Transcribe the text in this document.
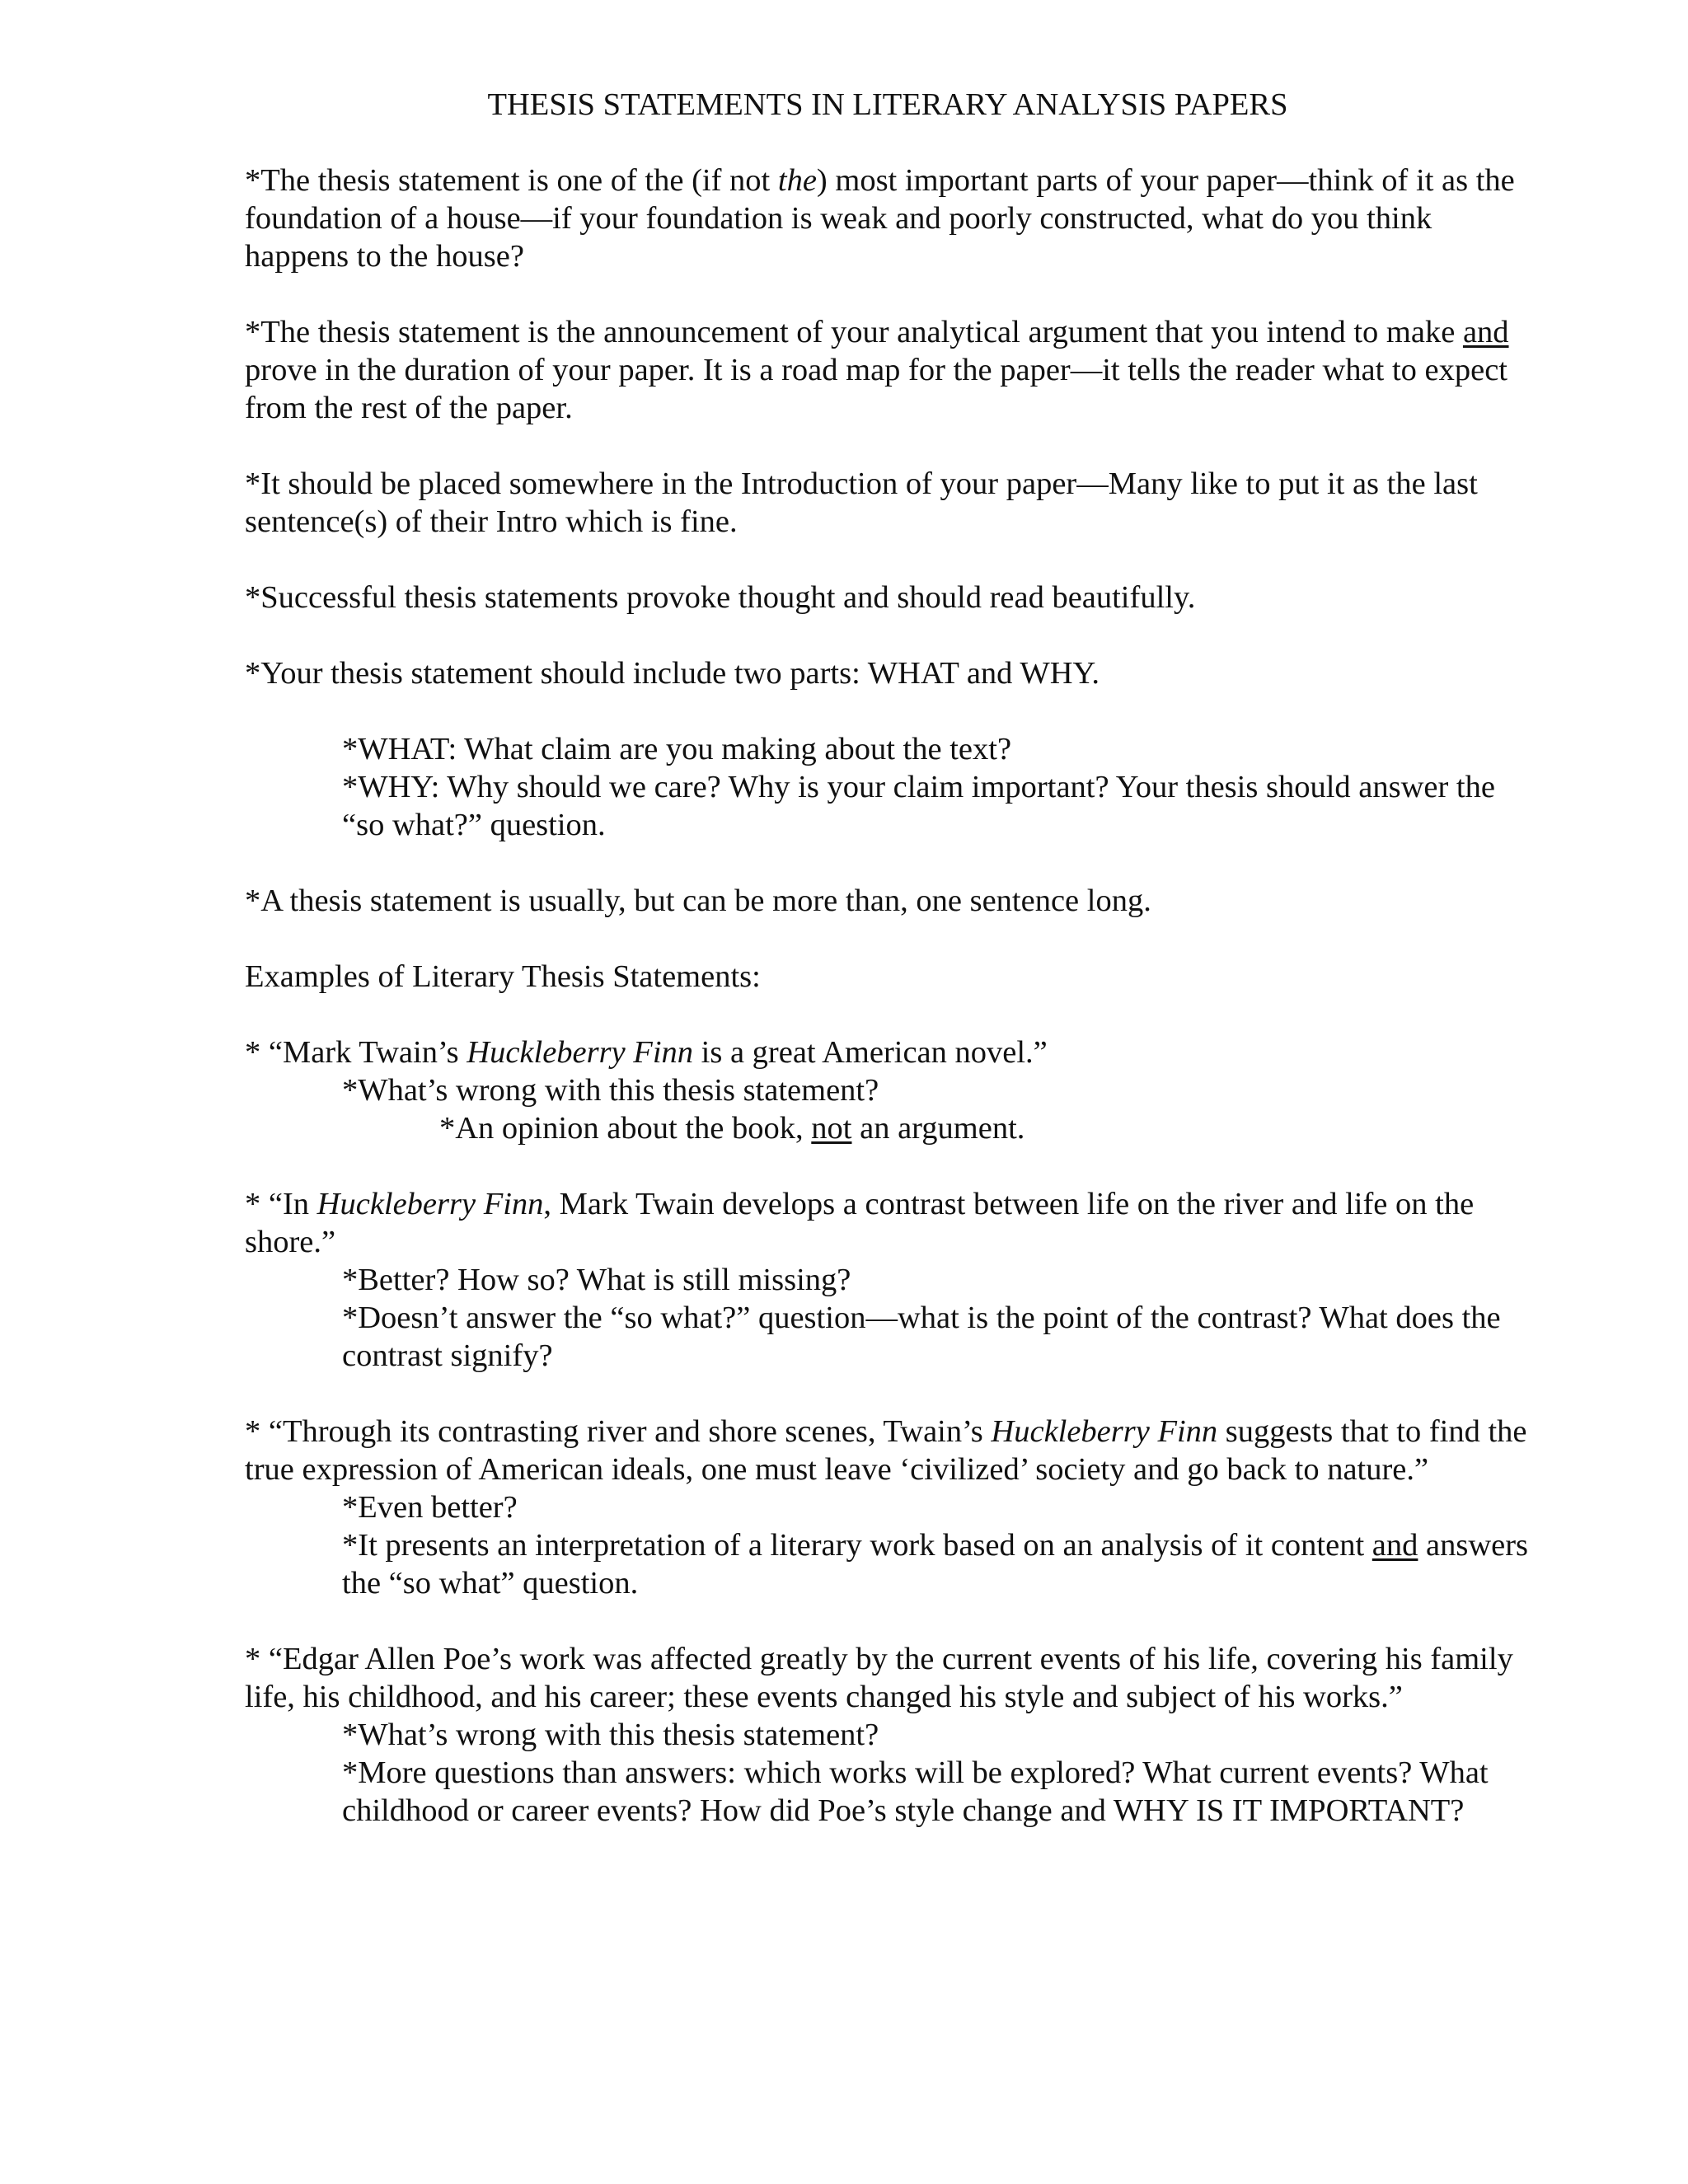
THESIS STATEMENTS IN LITERARY ANALYSIS PAPERS

*The thesis statement is one of the (if not the) most important parts of your paper—think of it as the foundation of a house—if your foundation is weak and poorly constructed, what do you think happens to the house?

*The thesis statement is the announcement of your analytical argument that you intend to make and prove in the duration of your paper. It is a road map for the paper—it tells the reader what to expect from the rest of the paper.

*It should be placed somewhere in the Introduction of your paper—Many like to put it as the last sentence(s) of their Intro which is fine.

*Successful thesis statements provoke thought and should read beautifully.

*Your thesis statement should include two parts: WHAT and WHY.

*WHAT: What claim are you making about the text?
*WHY: Why should we care? Why is your claim important? Your thesis should answer the “so what?” question.

*A thesis statement is usually, but can be more than, one sentence long.

Examples of Literary Thesis Statements:

* “Mark Twain’s Huckleberry Finn is a great American novel.”
*What’s wrong with this thesis statement?
*An opinion about the book, not an argument.
* “In Huckleberry Finn, Mark Twain develops a contrast between life on the river and life on the shore.”
*Better? How so? What is still missing?
*Doesn’t answer the “so what?” question—what is the point of the contrast? What does the contrast signify?
* “Through its contrasting river and shore scenes, Twain’s Huckleberry Finn suggests that to find the true expression of American ideals, one must leave ‘civilized’ society and go back to nature.”
*Even better?
*It presents an interpretation of a literary work based on an analysis of it content and answers the “so what” question.
* “Edgar Allen Poe’s work was affected greatly by the current events of his life, covering his family life, his childhood, and his career; these events changed his style and subject of his works.”
*What’s wrong with this thesis statement?
*More questions than answers: which works will be explored? What current events? What childhood or career events? How did Poe’s style change and WHY IS IT IMPORTANT?
